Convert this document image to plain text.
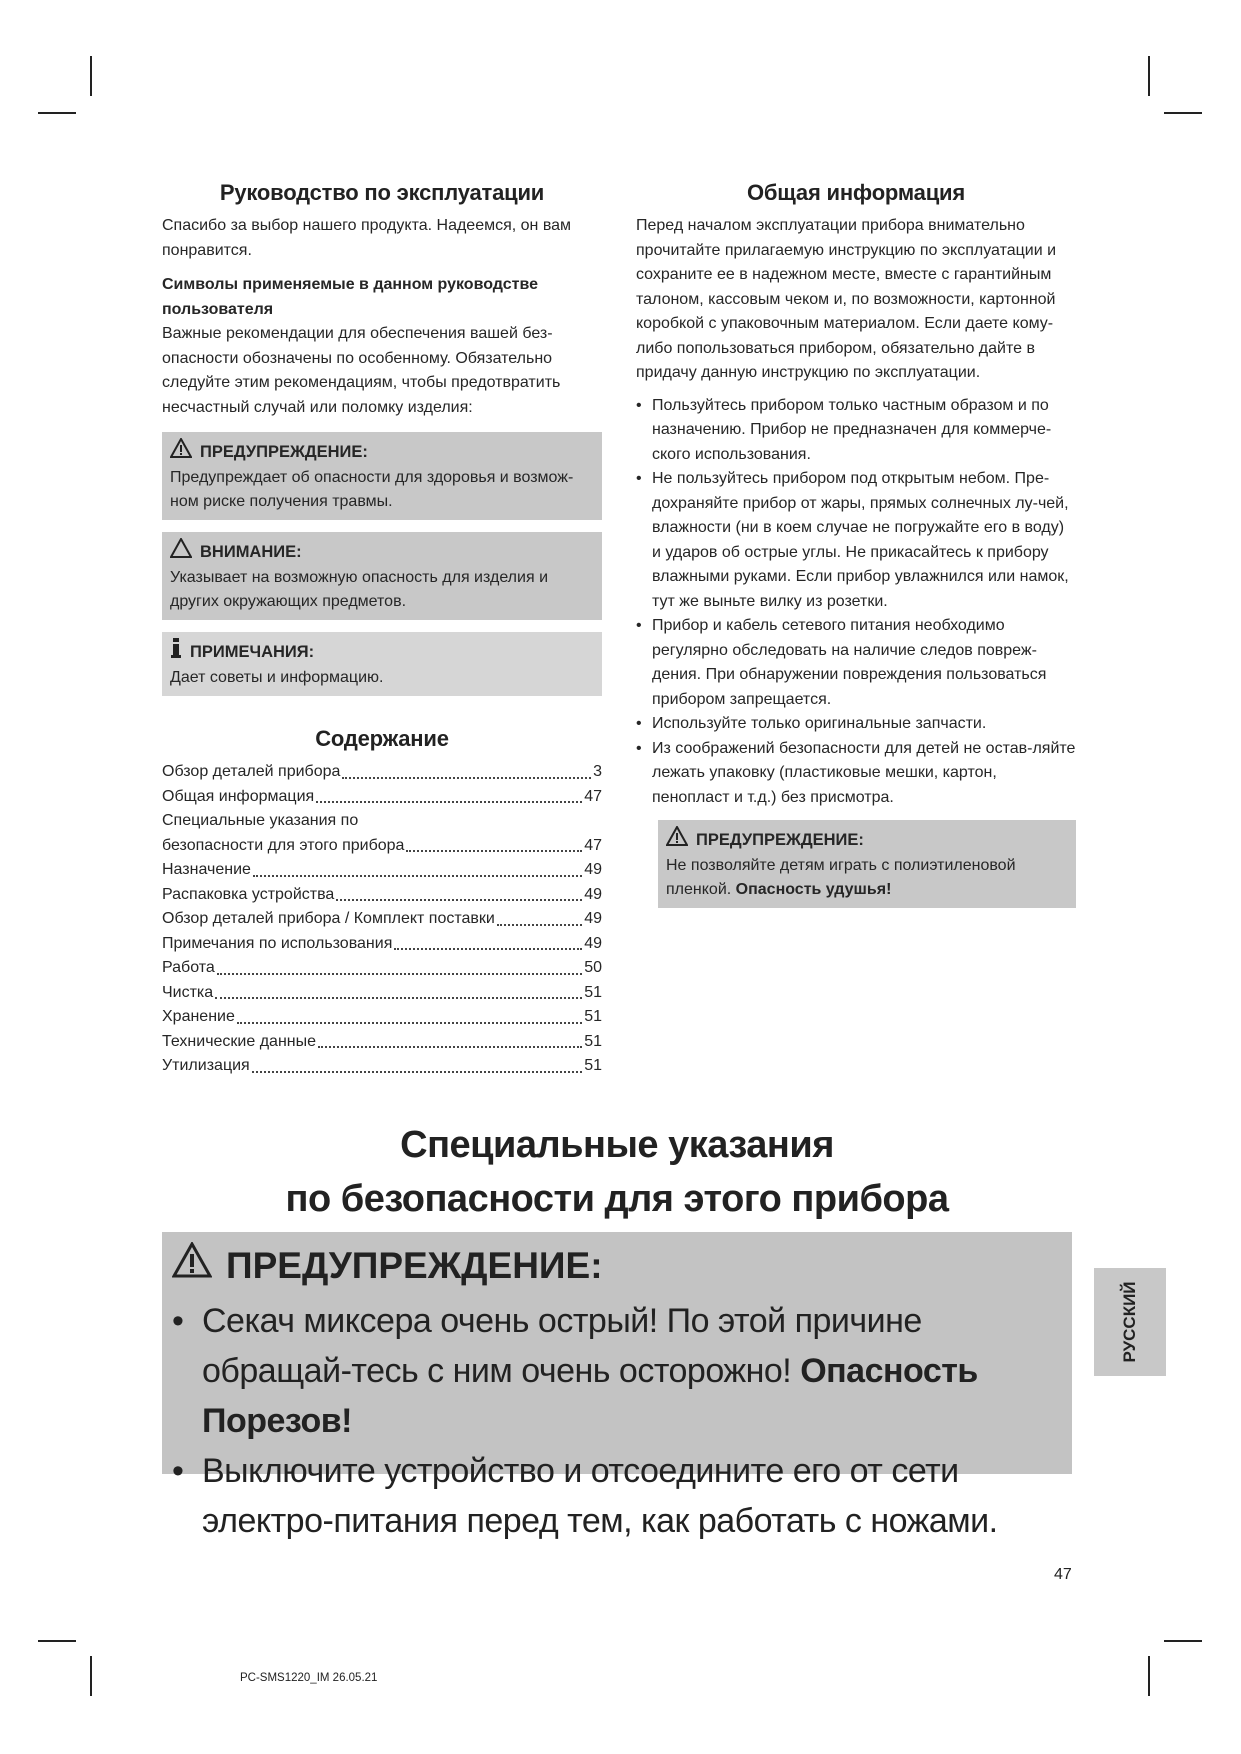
Руководство по эксплуатации

Спасибо за выбор нашего продукта. Надеемся, он вам понравится.

Символы применяемые в данном руководстве пользователя

Важные рекомендации для обеспечения вашей без-опасности обозначены по особенному. Обязательно следуйте этим рекомендациям, чтобы предотвратить несчастный случай или поломку изделия:

ПРЕДУПРЕЖДЕНИЕ:

Предупреждает об опасности для здоровья и возмож-ном риске получения травмы.

ВНИМАНИЕ:

Указывает на возможную опасность для изделия и других окружающих предметов.

ПРИМЕЧАНИЯ:

Дает советы и информацию.

Содержание
Обзор деталей прибора	3
Общая информация	47
Специальные указания по
безопасности для этого прибора	47
Назначение	49
Распаковка устройства	49
Обзор деталей прибора / Комплект поставки	49
Примечания по использования	49
Работа	50
Чистка	51
Хранение	51
Технические данные	51
Утилизация	51
Общая информация

Перед началом эксплуатации прибора внимательно прочитайте прилагаемую инструкцию по эксплуатации и сохраните ее в надежном месте, вместе с гарантийным талоном, кассовым чеком и, по возможности, картонной коробкой с упаковочным материалом. Если даете кому-либо попользоваться прибором, обязательно дайте в придачу данную инструкцию по эксплуатации.

• Пользуйтесь прибором только частным образом и по назначению. Прибор не предназначен для коммерче-ского использования.
• Не пользуйтесь прибором под открытым небом. Пре-дохраняйте прибор от жары, прямых солнечных лу-чей, влажности (ни в коем случае не погружайте его в воду) и ударов об острые углы. Не прикасайтесь к прибору влажными руками. Если прибор увлажнился или намок, тут же выньте вилку из розетки.
• Прибор и кабель сетевого питания необходимо регулярно обследовать на наличие следов повреж-дения. При обнаружении повреждения пользоваться прибором запрещается.
• Используйте только оригинальные запчасти.
• Из соображений безопасности для детей не остав-ляйте лежать упаковку (пластиковые мешки, картон, пенопласт и т.д.) без присмотра.
ПРЕДУПРЕЖДЕНИЕ:

Не позволяйте детям играть с полиэтиленовой пленкой. Опасность удушья!

Специальные указания
по безопасности для этого прибора
ПРЕДУПРЕЖДЕНИЕ:
• Секач миксера очень острый! По этой причине обращай-тесь с ним очень осторожно! Опасность Порезов!
• Выключите устройство и отсоедините его от сети электро-питания перед тем, как работать с ножами.
РУССКИЙ
47
PC-SMS1220_IM 26.05.21
